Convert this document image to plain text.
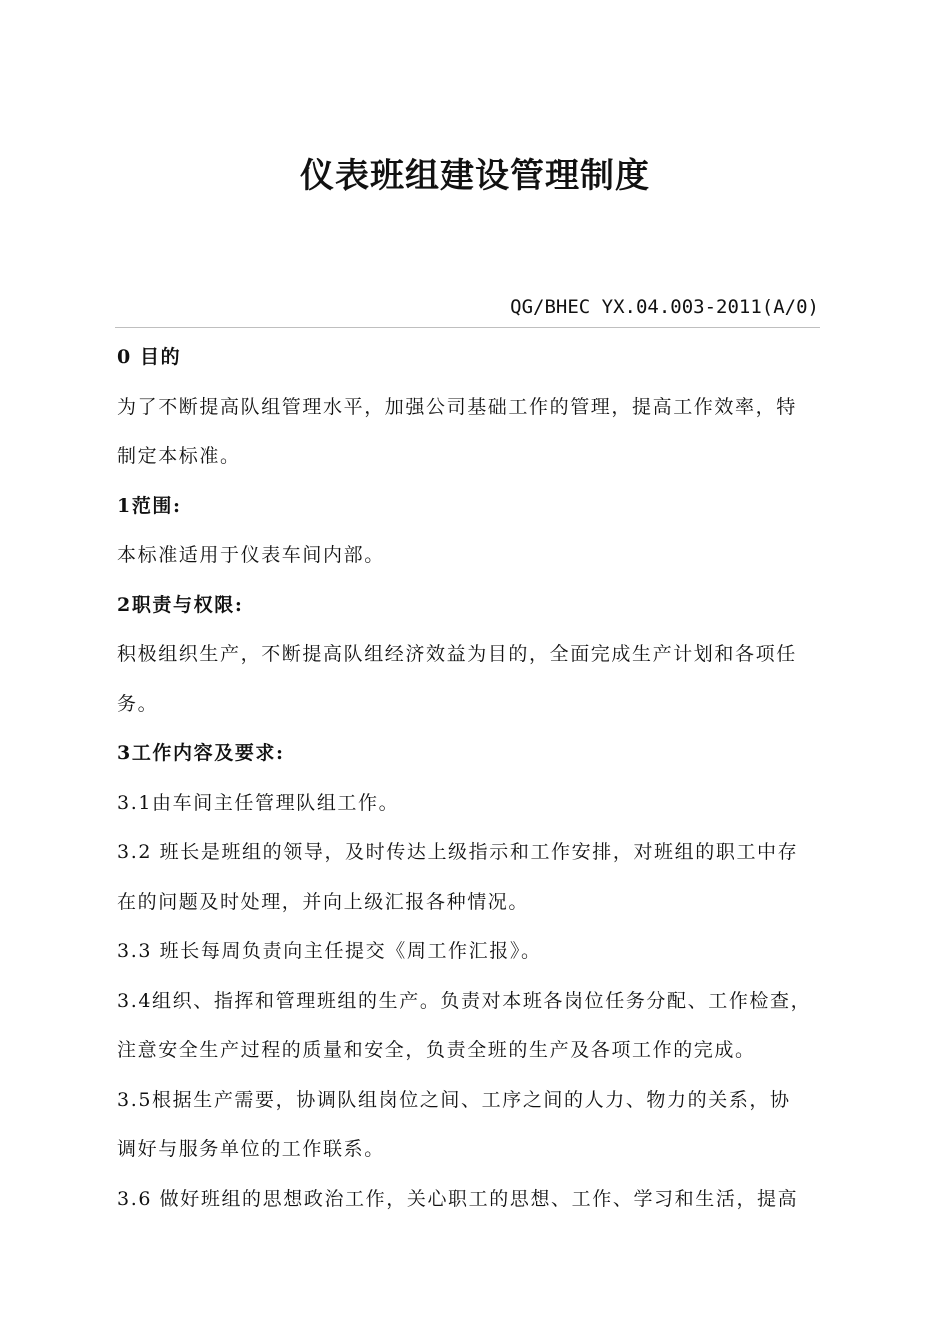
仪表班组建设管理制度
QG/BHEC YX.04.003-2011(A/0)
0 目的
为了不断提高队组管理水平，加强公司基础工作的管理，提高工作效率，特
制定本标准。
1范围:
本标准适用于仪表车间内部。
2职责与权限:
积极组织生产，不断提高队组经济效益为目的，全面完成生产计划和各项任
务。
3工作内容及要求:
3.1由车间主任管理队组工作。
3.2 班长是班组的领导，及时传达上级指示和工作安排，对班组的职工中存
在的问题及时处理，并向上级汇报各种情况。
3.3 班长每周负责向主任提交《周工作汇报》。
3.4组织、指挥和管理班组的生产。负责对本班各岗位任务分配、工作检查，
注意安全生产过程的质量和安全，负责全班的生产及各项工作的完成。
3.5根据生产需要，协调队组岗位之间、工序之间的人力、物力的关系，协
调好与服务单位的工作联系。
3.6 做好班组的思想政治工作，关心职工的思想、工作、学习和生活，提高
